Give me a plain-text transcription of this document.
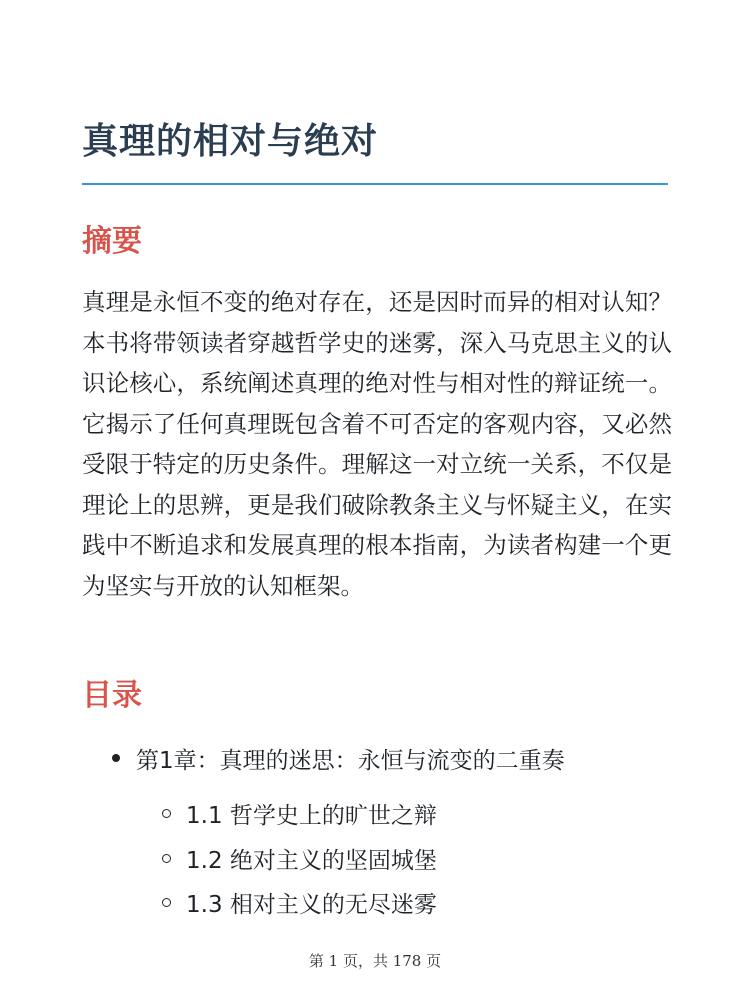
真理的相对与绝对
摘要

真理是永恒不变的绝对存在，还是因时而异的相对认知？本书将带领读者穿越哲学史的迷雾，深入马克思主义的认识论核心，系统阐述真理的绝对性与相对性的辩证统一。它揭示了任何真理既包含着不可否定的客观内容，又必然受限于特定的历史条件。理解这一对立统一关系，不仅是理论上的思辨，更是我们破除教条主义与怀疑主义，在实践中不断追求和发展真理的根本指南，为读者构建一个更为坚实与开放的认知框架。

目录
第1章：真理的迷思：永恒与流变的二重奏
1.1 哲学史上的旷世之辩
1.2 绝对主义的坚固城堡
1.3 相对主义的无尽迷雾
第 1 页，共 178 页
